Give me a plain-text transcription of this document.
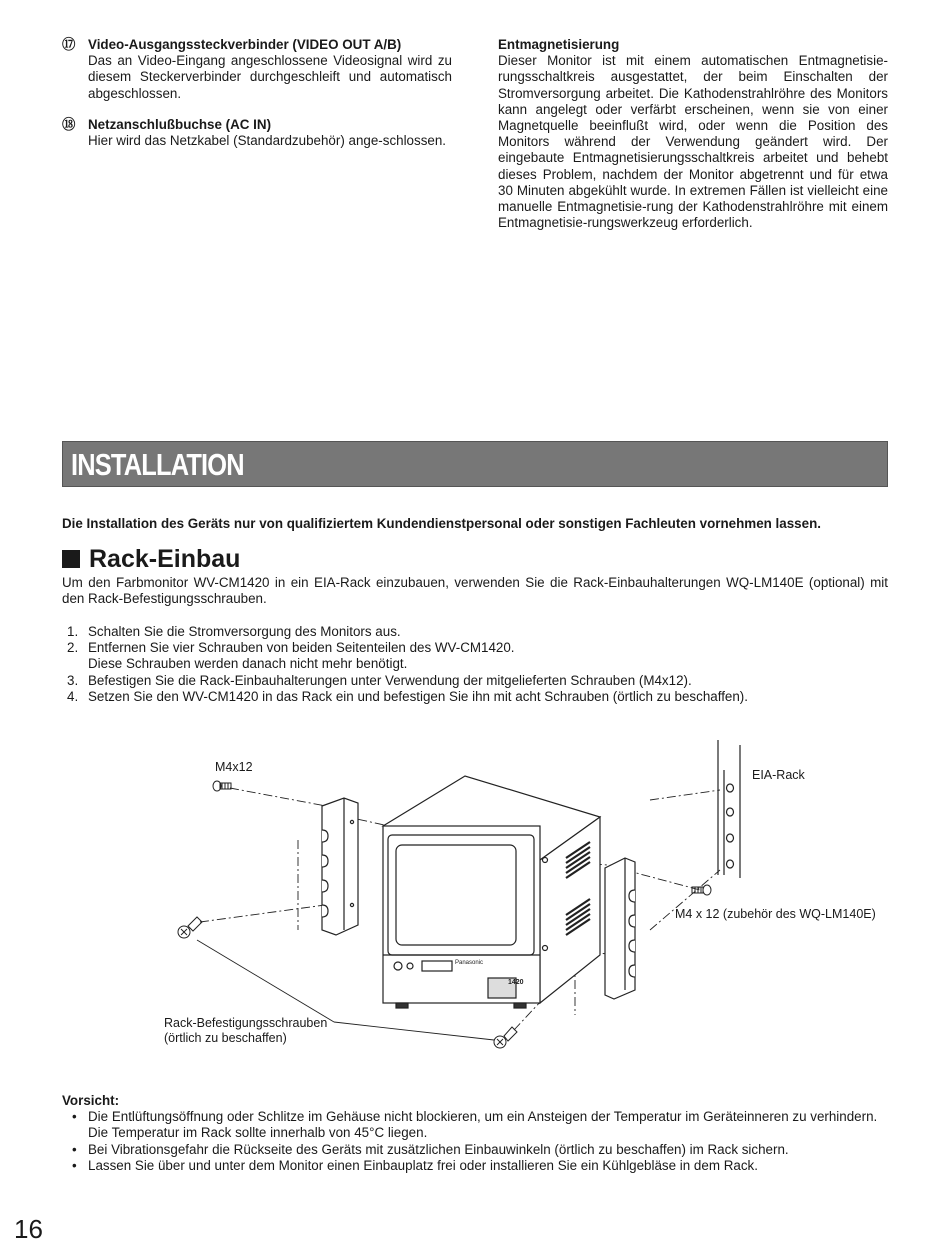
⑰ Video-Ausgangssteckverbinder (VIDEO OUT A/B)
Das an Video-Eingang angeschlossene Videosignal wird zu diesem Steckerverbinder durchgeschleift und automatisch abgeschlossen.
⑱ Netzanschlußbuchse (AC IN)
Hier wird das Netzkabel (Standardzubehör) ange-schlossen.
Entmagnetisierung
Dieser Monitor ist mit einem automatischen Entmagnetisie-rungsschaltkreis ausgestattet, der beim Einschalten der Stromversorgung arbeitet. Die Kathodenstrahlröhre des Monitors kann angelegt oder verfärbt erscheinen, wenn sie von einer Magnetquelle beeinflußt wird, oder wenn die Position des Monitors während der Verwendung geändert wird. Der eingebaute Entmagnetisierungsschaltkreis arbeitet und behebt dieses Problem, nachdem der Monitor abgetrennt und für etwa 30 Minuten abgekühlt wurde. In extremen Fällen ist vielleicht eine manuelle Entmagnetisie-rung der Kathodenstrahlröhre mit einem Entmagnetisie-rungswerkzeug erforderlich.
INSTALLATION
Die Installation des Geräts nur von qualifiziertem Kundendienstpersonal oder sonstigen Fachleuten vornehmen lassen.
Rack-Einbau
Um den Farbmonitor WV-CM1420 in ein EIA-Rack einzubauen, verwenden Sie die Rack-Einbauhalterungen WQ-LM140E (optional) mit den Rack-Befestigungsschrauben.
1. Schalten Sie die Stromversorgung des Monitors aus.
2. Entfernen Sie vier Schrauben von beiden Seitenteilen des WV-CM1420.
Diese Schrauben werden danach nicht mehr benötigt.
3. Befestigen Sie die Rack-Einbauhalterungen unter Verwendung der mitgelieferten Schrauben (M4x12).
4. Setzen Sie den WV-CM1420 in das Rack ein und befestigen Sie ihn mit acht Schrauben (örtlich zu beschaffen).
Panasonic
1420
M4x12
EIA-Rack
M4 x 12 (zubehör des WQ-LM140E)
Rack-Befestigungsschrauben
(örtlich zu beschaffen)
Vorsicht:
• Die Entlüftungsöffnung oder Schlitze im Gehäuse nicht blockieren, um ein Ansteigen der Temperatur im Geräteinneren zu verhindern.
Die Temperatur im Rack sollte innerhalb von 45°C liegen.
• Bei Vibrationsgefahr die Rückseite des Geräts mit zusätzlichen Einbauwinkeln (örtlich zu beschaffen) im Rack sichern.
• Lassen Sie über und unter dem Monitor einen Einbauplatz frei oder installieren Sie ein Kühlgebläse in dem Rack.
16
